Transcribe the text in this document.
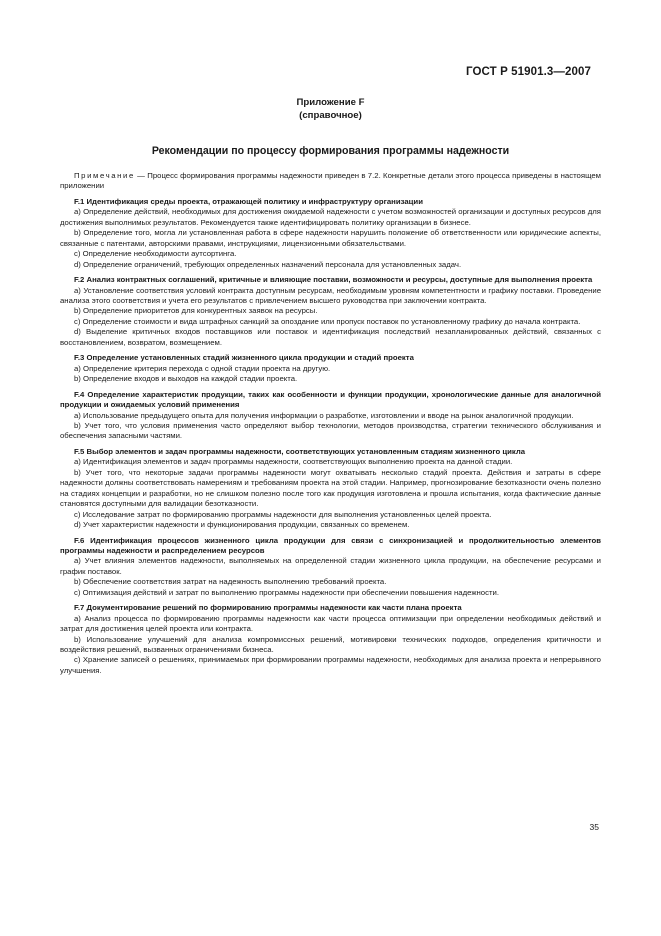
ГОСТ Р 51901.3—2007
Приложение F
(справочное)
Рекомендации по процессу формирования программы надежности

Примечание — Процесс формирования программы надежности приведен в 7.2. Конкретные детали этого процесса приведены в настоящем приложении

F.1 Идентификация среды проекта, отражающей политику и инфраструктуру организации

a) Определение действий, необходимых для достижения ожидаемой надежности с учетом возможностей организации и доступных ресурсов для достижения выполнимых результатов. Рекомендуется также идентифицировать политику организации в бизнесе.

b) Определение того, могла ли установленная работа в сфере надежности нарушить положение об ответственности или юридические аспекты, связанные с патентами, авторскими правами, инструкциями, лицензионными обязательствами.

c) Определение необходимости аутсортинга.

d) Определение ограничений, требующих определенных назначений персонала для установленных задач.

F.2 Анализ контрактных соглашений, критичные и влияющие поставки, возможности и ресурсы, доступные для выполнения проекта

a) Установление соответствия условий контракта доступным ресурсам, необходимым уровням компетентности и графику поставки. Проведение анализа этого соответствия и учета его результатов с привлечением высшего руководства при заключении контракта.

b) Определение приоритетов для конкурентных заявок на ресурсы.

c) Определение стоимости и вида штрафных санкций за опоздание или пропуск поставок по установленному графику до начала контракта.

d) Выделение критичных входов поставщиков или поставок и идентификация последствий незапланированных действий, связанных с восстановлением, возвратом, возмещением.

F.3 Определение установленных стадий жизненного цикла продукции и стадий проекта

a) Определение критерия перехода с одной стадии проекта на другую.

b) Определение входов и выходов на каждой стадии проекта.

F.4 Определение характеристик продукции, таких как особенности и функции продукции, хронологические данные для аналогичной продукции и ожидаемых условий применения

a) Использование предыдущего опыта для получения информации о разработке, изготовлении и вводе на рынок аналогичной продукции.

b) Учет того, что условия применения часто определяют выбор технологии, методов производства, стратегии технического обслуживания и обеспечения запасными частями.

F.5 Выбор элементов и задач программы надежности, соответствующих установленным стадиям жизненного цикла

a) Идентификация элементов и задач программы надежности, соответствующих выполнению проекта на данной стадии.

b) Учет того, что некоторые задачи программы надежности могут охватывать несколько стадий проекта. Действия и затраты в сфере надежности должны соответствовать намерениям и требованиям проекта на этой стадии. Например, прогнозирование безотказности очень полезно на стадиях концепции и разработки, но не слишком полезно после того как продукция изготовлена и прошла испытания, когда фактические данные становятся доступными для валидации безотказности.

c) Исследование затрат по формированию программы надежности для выполнения установленных целей проекта.

d) Учет характеристик надежности и функционирования продукции, связанных со временем.

F.6 Идентификация процессов жизненного цикла продукции для связи с синхронизацией и продолжительностью элементов программы надежности и распределением ресурсов

a) Учет влияния элементов надежности, выполняемых на определенной стадии жизненного цикла продукции, на обеспечение ресурсами и график поставок.

b) Обеспечение соответствия затрат на надежность выполнению требований проекта.

c) Оптимизация действий и затрат по выполнению программы надежности при обеспечении повышения надежности.

F.7 Документирование решений по формированию программы надежности как части плана проекта

a) Анализ процесса по формированию программы надежности как части процесса оптимизации при определении необходимых действий и затрат для достижения целей проекта или контракта.

b) Использование улучшений для анализа компромиссных решений, мотивировки технических подходов, определения критичности и воздействия решений, вызванных ограничениями бизнеса.

c) Хранение записей о решениях, принимаемых при формировании программы надежности, необходимых для анализа проекта и непрерывного улучшения.

35
